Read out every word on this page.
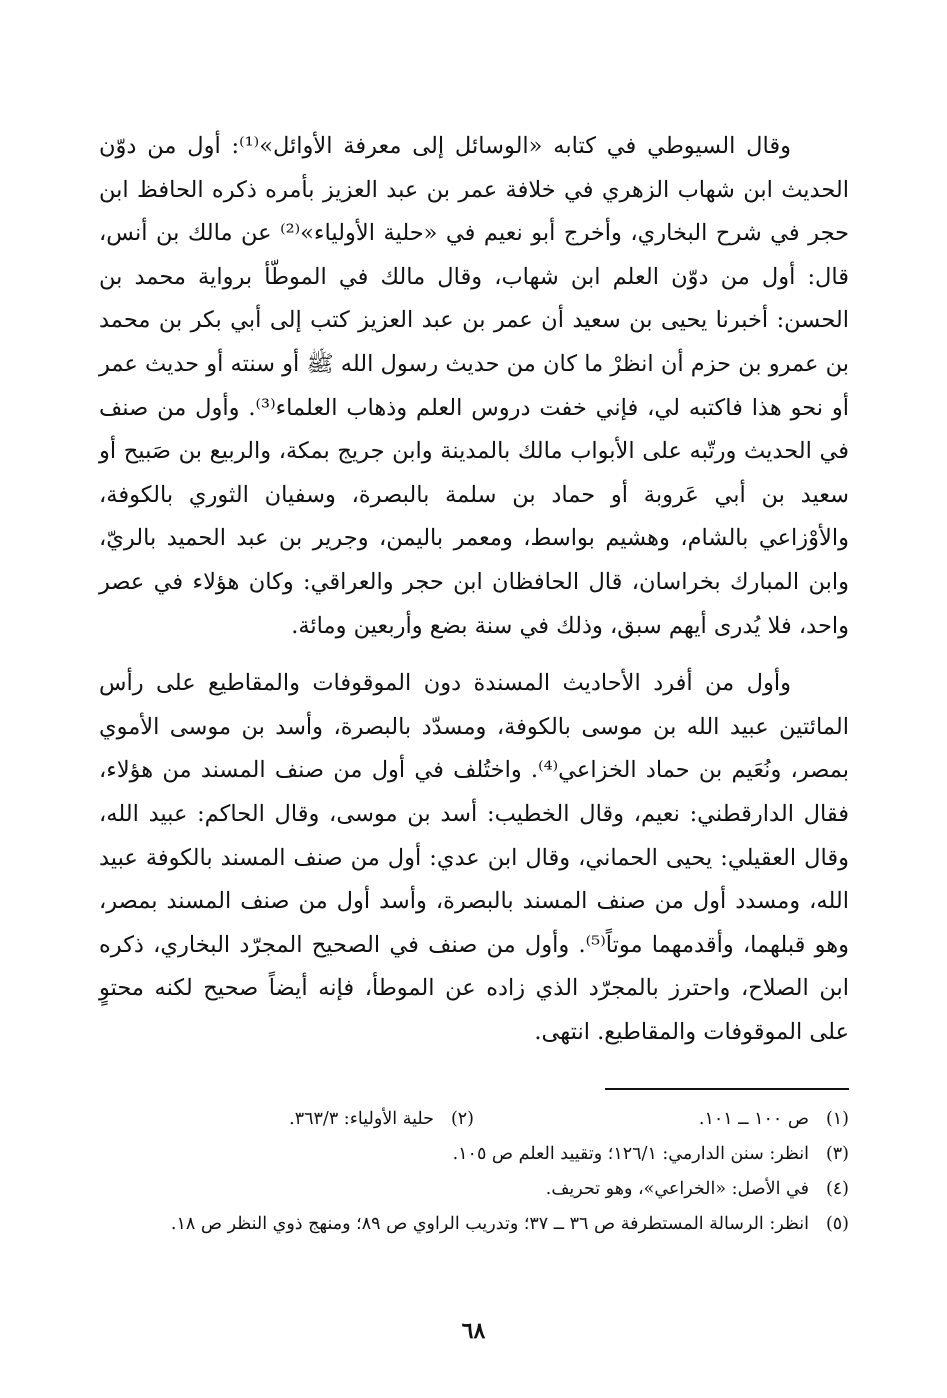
وقال السيوطي في كتابه «الوسائل إلى معرفة الأوائل»⁽¹⁾: أول من دوّن الحديث ابن شهاب الزهري في خلافة عمر بن عبد العزيز بأمره ذكره الحافظ ابن حجر في شرح البخاري، وأخرج أبو نعيم في «حلية الأولياء»⁽²⁾ عن مالك بن أنس، قال: أول من دوّن العلم ابن شهاب، وقال مالك في الموطّأ برواية محمد بن الحسن: أخبرنا يحيى بن سعيد أن عمر بن عبد العزيز كتب إلى أبي بكر بن محمد بن عمرو بن حزم أن انظرْ ما كان من حديث رسول الله ﷺ أو سنته أو حديث عمر أو نحو هذا فاكتبه لي، فإني خفت دروس العلم وذهاب العلماء⁽³⁾. وأول من صنف في الحديث ورتّبه على الأبواب مالك بالمدينة وابن جريج بمكة، والربيع بن صَبيح أو سعيد بن أبي عَروبة أو حماد بن سلمة بالبصرة، وسفيان الثوري بالكوفة، والأوْزاعي بالشام، وهشيم بواسط، ومعمر باليمن، وجرير بن عبد الحميد بالريّ، وابن المبارك بخراسان، قال الحافظان ابن حجر والعراقي: وكان هؤلاء في عصر واحد، فلا يُدرى أيهم سبق، وذلك في سنة بضع وأربعين ومائة.

وأول من أفرد الأحاديث المسندة دون الموقوفات والمقاطيع على رأس المائتين عبيد الله بن موسى بالكوفة، ومسدّد بالبصرة، وأسد بن موسى الأموي بمصر، ونُعَيم بن حماد الخزاعي⁽⁴⁾. واختُلف في أول من صنف المسند من هؤلاء، فقال الدارقطني: نعيم، وقال الخطيب: أسد بن موسى، وقال الحاكم: عبيد الله، وقال العقيلي: يحيى الحماني، وقال ابن عدي: أول من صنف المسند بالكوفة عبيد الله، ومسدد أول من صنف المسند بالبصرة، وأسد أول من صنف المسند بمصر، وهو قبلهما، وأقدمهما موتاً⁽⁵⁾. وأول من صنف في الصحيح المجرّد البخاري، ذكره ابن الصلاح، واحترز بالمجرّد الذي زاده عن الموطأ، فإنه أيضاً صحيح لكنه محتوٍ على الموقوفات والمقاطيع. انتهى.

(١)
ص ١٠٠ ــ ١٠١.
(٢)
حلية الأولياء: ٣٦٣/٣.
(٣)
انظر: سنن الدارمي: ١٢٦/١؛ وتقييد العلم ص ١٠٥.
(٤)
في الأصل: «الخراعي»، وهو تحريف.
(٥)
انظر: الرسالة المستطرفة ص ٣٦ ــ ٣٧؛ وتدريب الراوي ص ٨٩؛ ومنهج ذوي النظر ص ١٨.
٦٨
